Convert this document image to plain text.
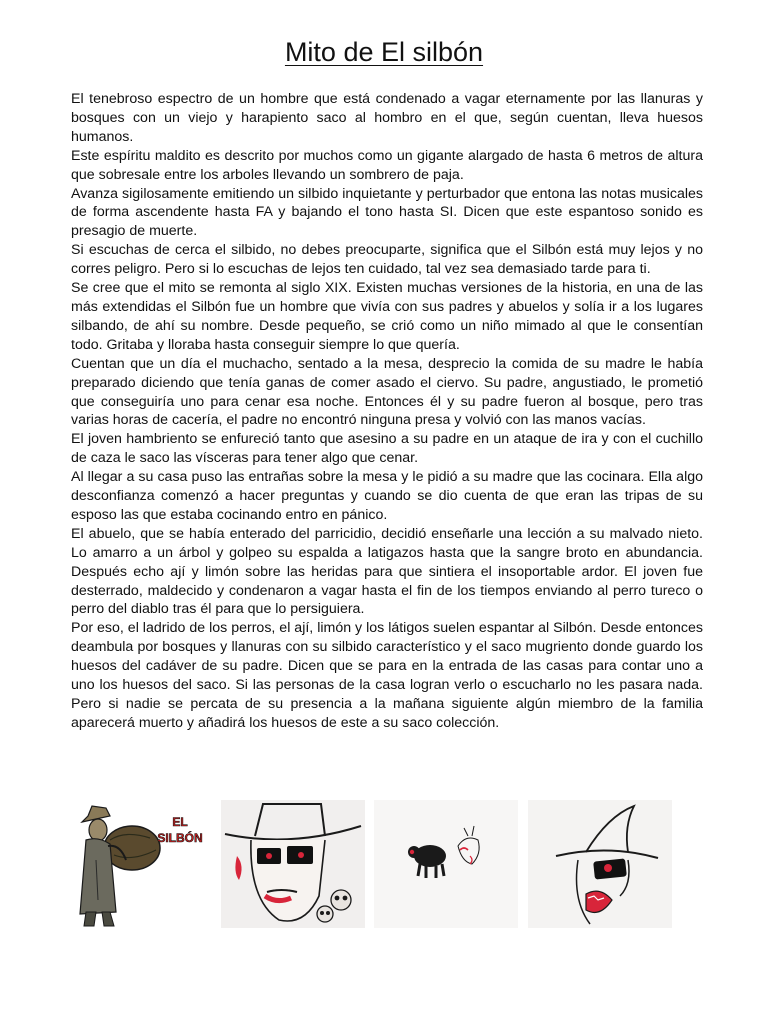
Mito de El silbón

El tenebroso espectro de un hombre que está condenado a vagar eternamente por las llanuras y bosques con un viejo y harapiento saco al hombro en el que, según cuentan, lleva huesos humanos.

Este espíritu maldito es descrito por muchos como un gigante alargado de hasta 6 metros de altura que sobresale entre los arboles llevando un sombrero de paja.

Avanza sigilosamente emitiendo un silbido inquietante y perturbador que entona las notas musicales de forma ascendente hasta FA y bajando el tono hasta SI. Dicen que este espantoso sonido es presagio de muerte.

Si escuchas de cerca el silbido, no debes preocuparte, significa que el Silbón está muy lejos y no corres peligro. Pero si lo escuchas de lejos ten cuidado, tal vez sea demasiado tarde para ti.

Se cree que el mito se remonta al siglo XIX. Existen muchas versiones de la historia, en una de las más extendidas el Silbón fue un hombre que vivía con sus padres y abuelos y solía ir a los lugares silbando, de ahí su nombre. Desde pequeño, se crió como un niño mimado al que le consentían todo. Gritaba y lloraba hasta conseguir siempre lo que quería.

Cuentan que un día el muchacho, sentado a la mesa, desprecio la comida de su madre le había preparado diciendo que tenía ganas de comer asado el ciervo. Su padre, angustiado, le prometió que conseguiría uno para cenar esa noche. Entonces él y su padre fueron al bosque, pero tras varias horas de cacería, el padre no encontró ninguna presa y volvió con las manos vacías.

El joven hambriento se enfureció tanto que asesino a su padre en un ataque de ira y con el cuchillo de caza le saco las vísceras para tener algo que cenar.

Al llegar a su casa puso las entrañas sobre la mesa y le pidió a su madre que las cocinara. Ella algo desconfianza comenzó a hacer preguntas y cuando se dio cuenta de que eran las tripas de su esposo las que estaba cocinando entro en pánico.

El abuelo, que se había enterado del parricidio, decidió enseñarle una lección a su malvado nieto. Lo amarro a un árbol y golpeo su espalda a latigazos hasta que la sangre broto en abundancia. Después echo ají y limón sobre las heridas para que sintiera el insoportable ardor. El joven fue desterrado, maldecido y condenaron a vagar hasta el fin de los tiempos enviando al perro tureco o perro del diablo tras él para que lo persiguiera.

Por eso, el ladrido de los perros, el ají, limón y los látigos suelen espantar al Silbón. Desde entonces deambula por bosques y llanuras con su silbido característico y el saco mugriento donde guardo los huesos del cadáver de su padre. Dicen que se para en la entrada de las casas para contar uno a uno los huesos del saco. Si las personas de la casa logran verlo o escucharlo no les pasara nada. Pero si nadie se percata de su presencia a la mañana siguiente algún miembro de la familia aparecerá muerto y añadirá los huesos de este a su saco colección.

EL
SILBÓN
